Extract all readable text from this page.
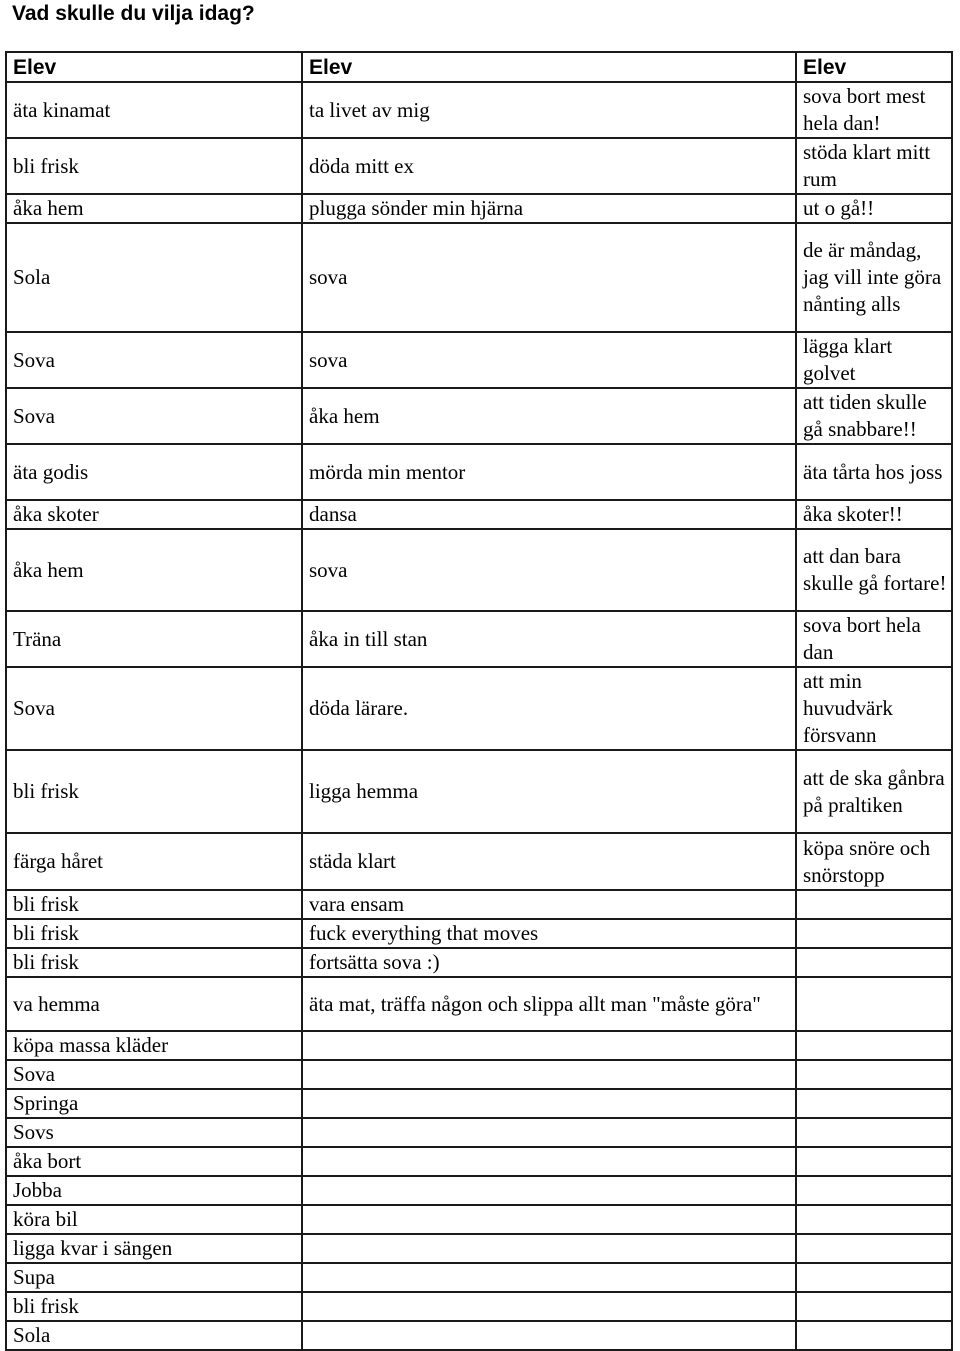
Vad skulle du vilja idag?
Elev	Elev	Elev
äta kinamat	ta livet av mig	sova bort mest hela dan!
bli frisk	döda mitt ex	stöda klart mitt rum
åka hem	plugga sönder min hjärna	ut o gå!!
Sola	sova	de är måndag, jag vill inte göra nånting alls
Sova	sova	lägga klart golvet
Sova	åka hem	att tiden skulle gå snabbare!!
äta godis	mörda min mentor	äta tårta hos joss
åka skoter	dansa	åka skoter!!
åka hem	sova	att dan bara skulle gå fortare!
Träna	åka in till stan	sova bort hela dan
Sova	döda lärare.	att min huvudvärk försvann
bli frisk	ligga hemma	att de ska gånbra på praltiken
färga håret	städa klart	köpa snöre och snörstopp
bli frisk	vara ensam	
bli frisk	fuck everything that moves	
bli frisk	fortsätta sova :)	
va hemma	äta mat, träffa någon och slippa allt man "måste göra"	
köpa massa kläder		
Sova		
Springa		
Sovs		
åka bort		
Jobba		
köra bil		
ligga kvar i sängen		
Supa		
bli frisk		
Sola		
